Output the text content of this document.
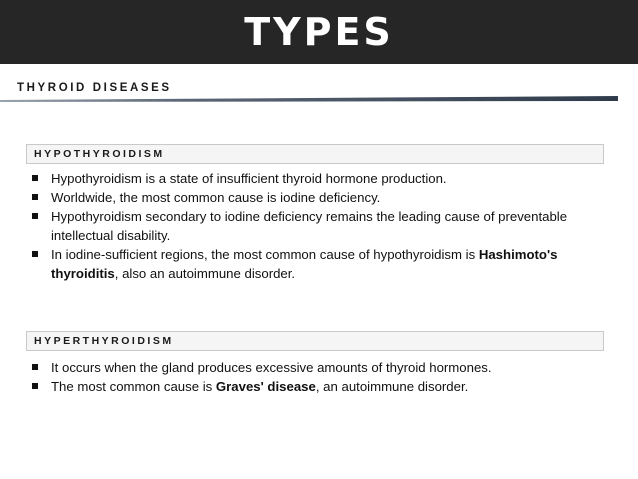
TYPES
THYROID DISEASES
HYPOTHYROIDISM
Hypothyroidism is a state of insufficient thyroid hormone production.
Worldwide, the most common cause is iodine deficiency.
Hypothyroidism secondary to iodine deficiency remains the leading cause of preventable intellectual disability.
In iodine-sufficient regions, the most common cause of hypothyroidism is Hashimoto's thyroiditis, also an autoimmune disorder.
HYPERTHYROIDISM
It occurs when the gland produces excessive amounts of thyroid hormones.
The most common cause is Graves' disease, an autoimmune disorder.
